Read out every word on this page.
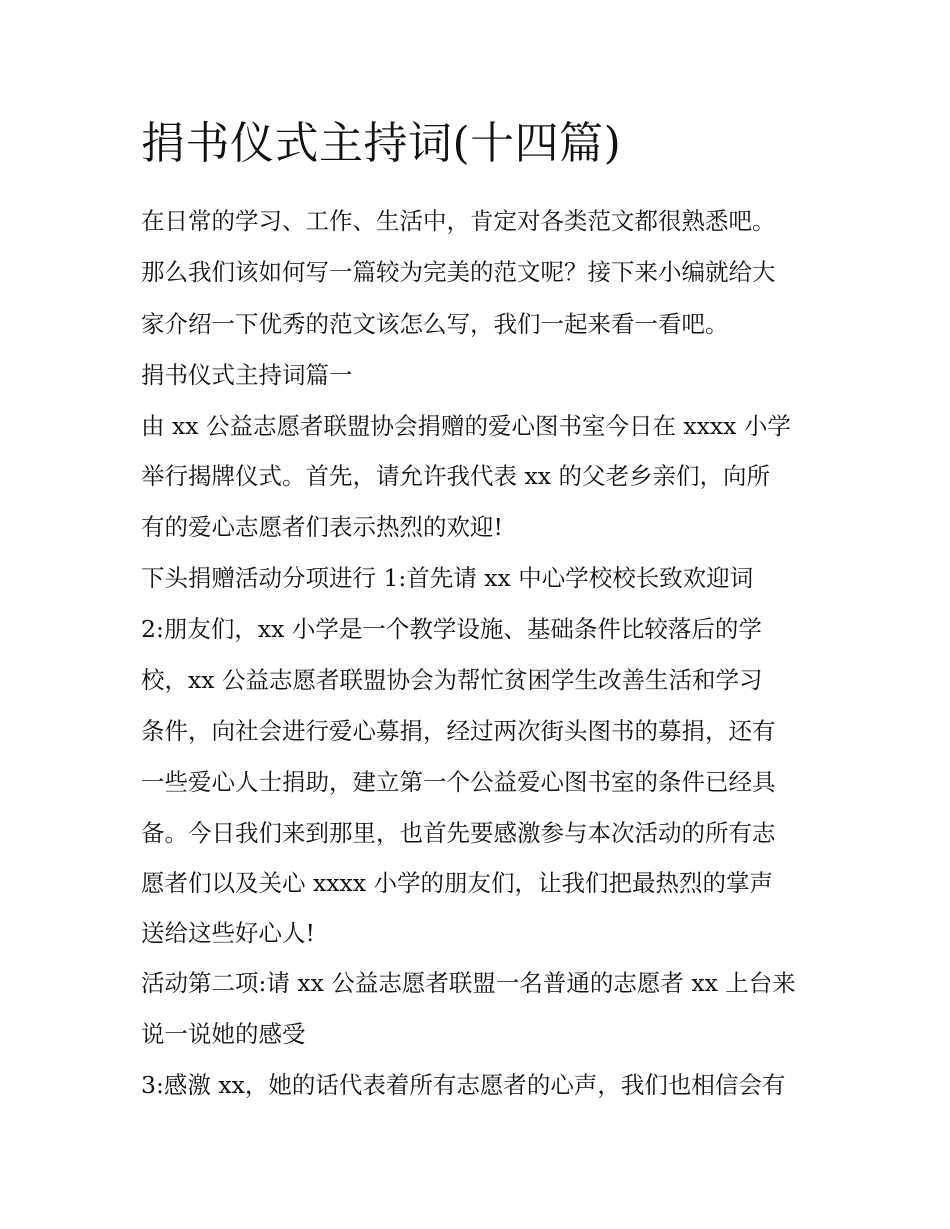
捐书仪式主持词(十四篇)
在日常的学习、工作、生活中，肯定对各类范文都很熟悉吧。
那么我们该如何写一篇较为完美的范文呢？接下来小编就给大
家介绍一下优秀的范文该怎么写，我们一起来看一看吧。
捐书仪式主持词篇一
由 xx 公益志愿者联盟协会捐赠的爱心图书室今日在 xxxx 小学
举行揭牌仪式。首先，请允许我代表 xx 的父老乡亲们，向所
有的爱心志愿者们表示热烈的欢迎!
下头捐赠活动分项进行 1:首先请 xx 中心学校校长致欢迎词
2:朋友们，xx 小学是一个教学设施、基础条件比较落后的学
校，xx 公益志愿者联盟协会为帮忙贫困学生改善生活和学习
条件，向社会进行爱心募捐，经过两次街头图书的募捐，还有
一些爱心人士捐助，建立第一个公益爱心图书室的条件已经具
备。今日我们来到那里，也首先要感激参与本次活动的所有志
愿者们以及关心 xxxx 小学的朋友们，让我们把最热烈的掌声
送给这些好心人!
活动第二项:请 xx 公益志愿者联盟一名普通的志愿者 xx 上台来
说一说她的感受
3:感激 xx，她的话代表着所有志愿者的心声，我们也相信会有
